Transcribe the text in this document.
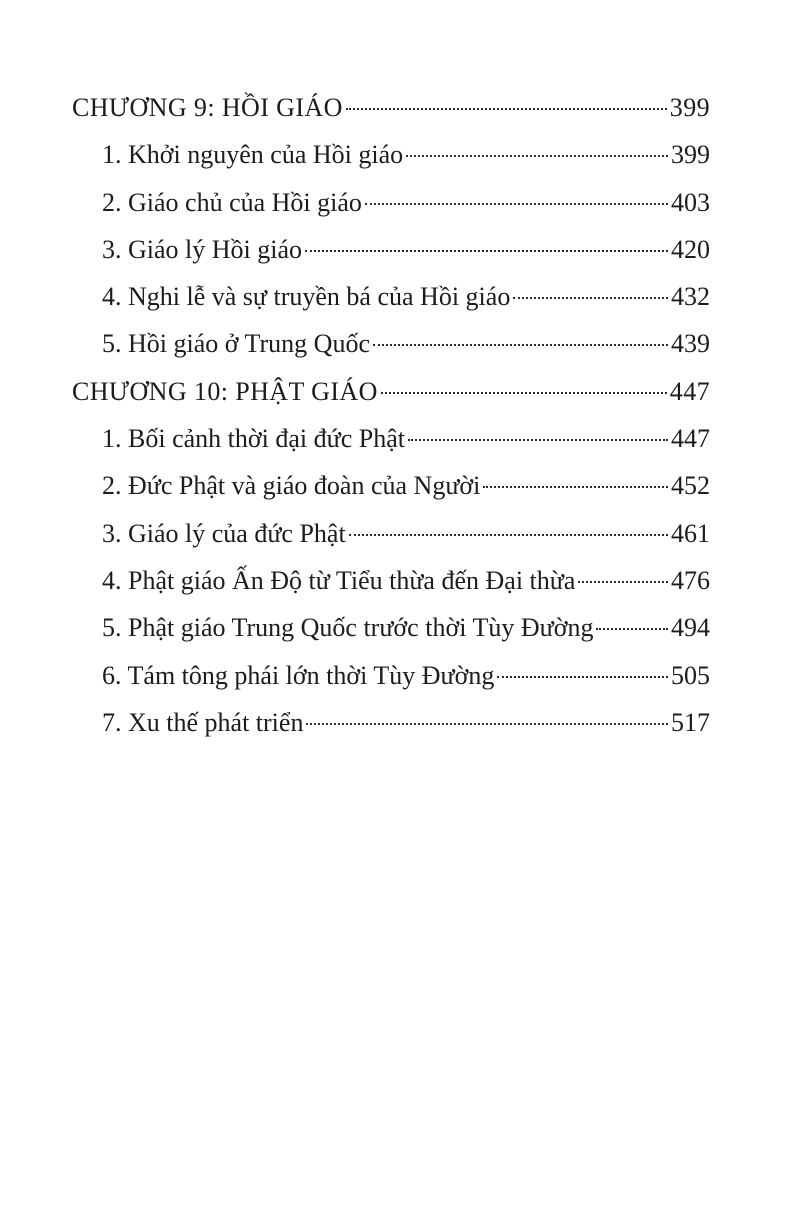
CHƯƠNG 9: HỒI GIÁO	399
1. Khởi nguyên của Hồi giáo	399
2. Giáo chủ của Hồi giáo	403
3. Giáo lý Hồi giáo	420
4. Nghi lễ và sự truyền bá của Hồi giáo	432
5. Hồi giáo ở Trung Quốc	439
CHƯƠNG 10: PHẬT GIÁO	447
1. Bối cảnh thời đại đức Phật	447
2. Đức Phật và giáo đoàn của Người	452
3. Giáo lý của đức Phật	461
4. Phật giáo Ấn Độ từ Tiểu thừa đến Đại thừa	476
5. Phật giáo Trung Quốc trước thời Tùy Đường	494
6. Tám tông phái lớn thời Tùy Đường	505
7. Xu thế phát triển	517
